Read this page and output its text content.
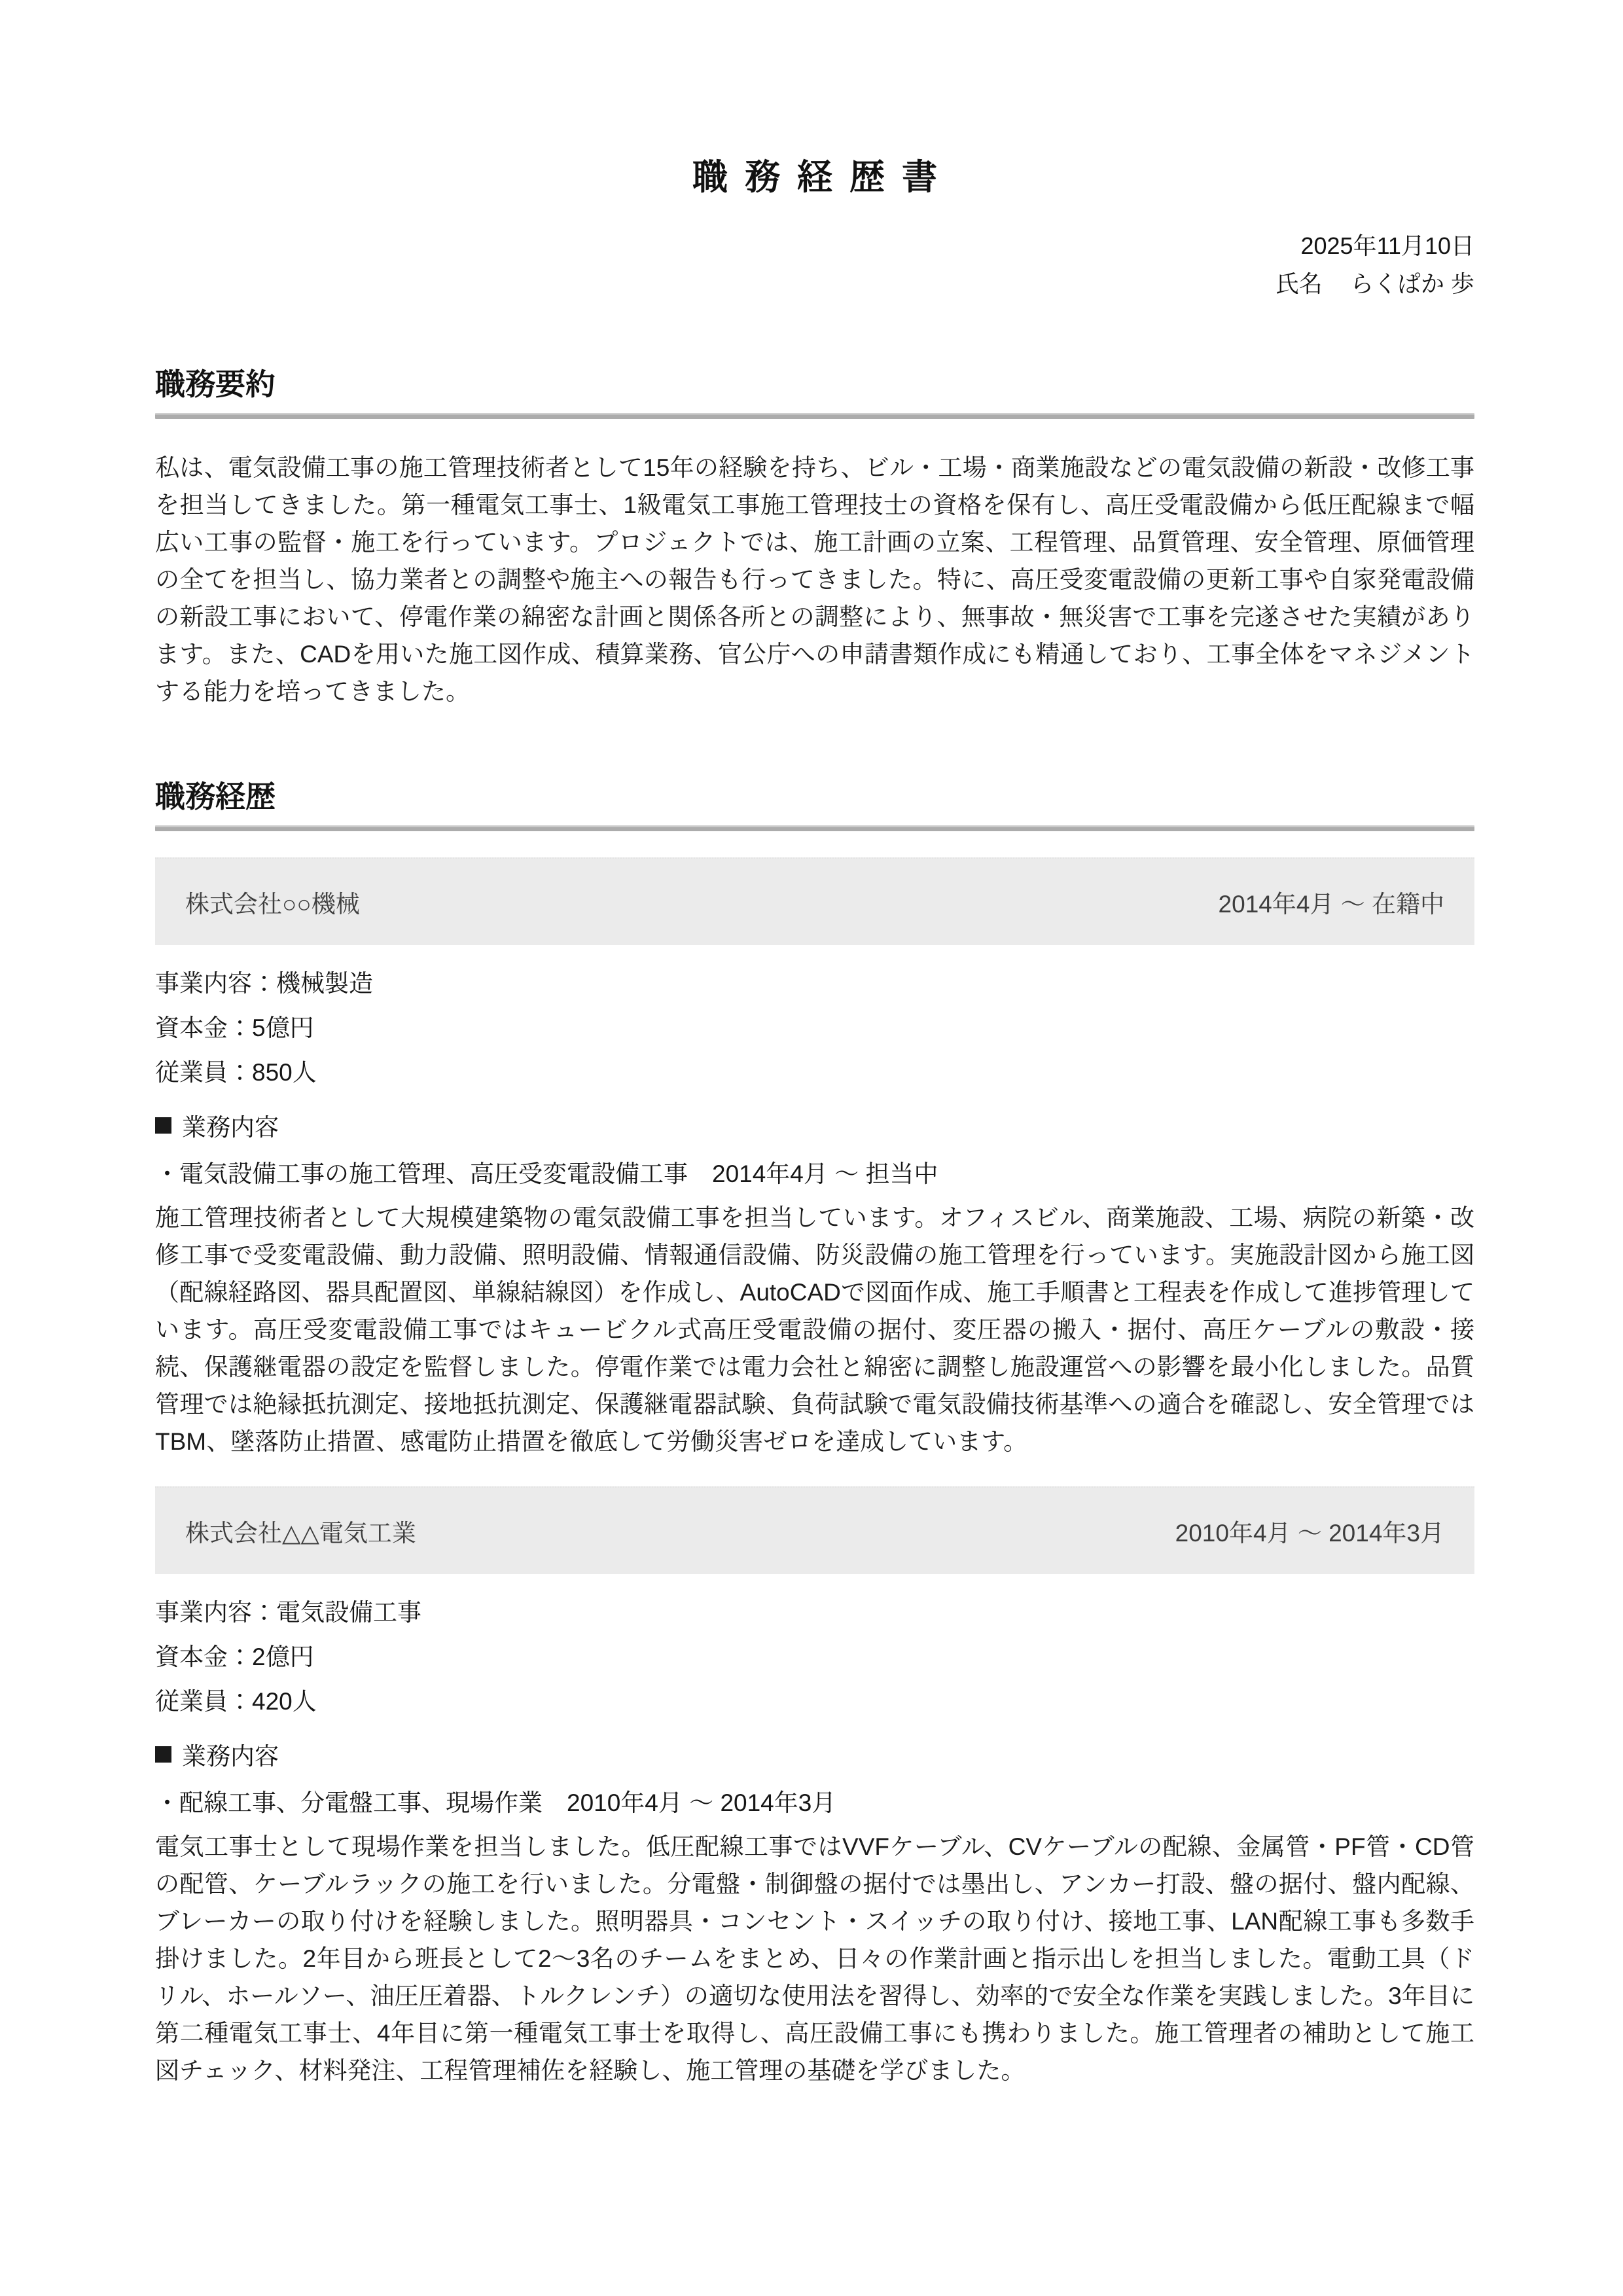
職務経歴書
2025年11月10日
氏名 らくぱか 歩
職務要約
私は、電気設備工事の施工管理技術者として15年の経験を持ち、ビル・工場・商業施設などの電気設備の新設・改修工事を担当してきました。第一種電気工事士、1級電気工事施工管理技士の資格を保有し、高圧受電設備から低圧配線まで幅広い工事の監督・施工を行っています。プロジェクトでは、施工計画の立案、工程管理、品質管理、安全管理、原価管理の全てを担当し、協力業者との調整や施主への報告も行ってきました。特に、高圧受変電設備の更新工事や自家発電設備の新設工事において、停電作業の綿密な計画と関係各所との調整により、無事故・無災害で工事を完遂させた実績があります。また、CADを用いた施工図作成、積算業務、官公庁への申請書類作成にも精通しており、工事全体をマネジメントする能力を培ってきました。
職務経歴
株式会社○○機械	2014年4月 ～ 在籍中
事業内容：機械製造
資本金：5億円
従業員：850人
業務内容
・電気設備工事の施工管理、高圧受変電設備工事　2014年4月 ～ 担当中
施工管理技術者として大規模建築物の電気設備工事を担当しています。オフィスビル、商業施設、工場、病院の新築・改修工事で受変電設備、動力設備、照明設備、情報通信設備、防災設備の施工管理を行っています。実施設計図から施工図（配線経路図、器具配置図、単線結線図）を作成し、AutoCADで図面作成、施工手順書と工程表を作成して進捗管理しています。高圧受変電設備工事ではキュービクル式高圧受電設備の据付、変圧器の搬入・据付、高圧ケーブルの敷設・接続、保護継電器の設定を監督しました。停電作業では電力会社と綿密に調整し施設運営への影響を最小化しました。品質管理では絶縁抵抗測定、接地抵抗測定、保護継電器試験、負荷試験で電気設備技術基準への適合を確認し、安全管理ではTBM、墜落防止措置、感電防止措置を徹底して労働災害ゼロを達成しています。
株式会社△△電気工業	2010年4月 ～ 2014年3月
事業内容：電気設備工事
資本金：2億円
従業員：420人
業務内容
・配線工事、分電盤工事、現場作業　2010年4月 ～ 2014年3月
電気工事士として現場作業を担当しました。低圧配線工事ではVVFケーブル、CVケーブルの配線、金属管・PF管・CD管の配管、ケーブルラックの施工を行いました。分電盤・制御盤の据付では墨出し、アンカー打設、盤の据付、盤内配線、ブレーカーの取り付けを経験しました。照明器具・コンセント・スイッチの取り付け、接地工事、LAN配線工事も多数手掛けました。2年目から班長として2～3名のチームをまとめ、日々の作業計画と指示出しを担当しました。電動工具（ドリル、ホールソー、油圧圧着器、トルクレンチ）の適切な使用法を習得し、効率的で安全な作業を実践しました。3年目に第二種電気工事士、4年目に第一種電気工事士を取得し、高圧設備工事にも携わりました。施工管理者の補助として施工図チェック、材料発注、工程管理補佐を経験し、施工管理の基礎を学びました。
